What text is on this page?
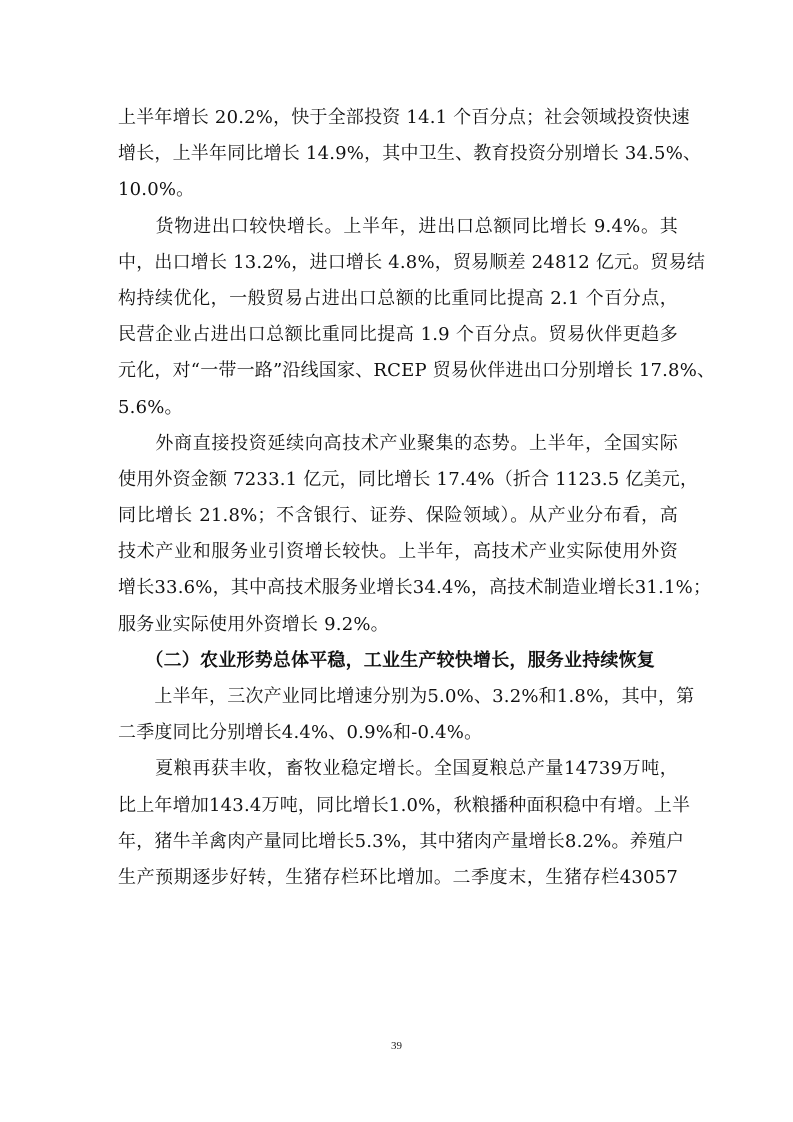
上半年增长 20.2%，快于全部投资 14.1 个百分点；社会领域投资快速
增长，上半年同比增长 14.9%，其中卫生、教育投资分别增长 34.5%、
10.0%。
　　货物进出口较快增长。上半年，进出口总额同比增长 9.4%。其
中，出口增长 13.2%，进口增长 4.8%，贸易顺差 24812 亿元。贸易结
构持续优化，一般贸易占进出口总额的比重同比提高 2.1 个百分点，
民营企业占进出口总额比重同比提高 1.9 个百分点。贸易伙伴更趋多
元化，对“一带一路”沿线国家、RCEP 贸易伙伴进出口分别增长 17.8%、
5.6%。
　　外商直接投资延续向高技术产业聚集的态势。上半年，全国实际
使用外资金额 7233.1 亿元，同比增长 17.4%（折合 1123.5 亿美元，
同比增长 21.8%；不含银行、证券、保险领域）。从产业分布看，高
技术产业和服务业引资增长较快。上半年，高技术产业实际使用外资
增长33.6%，其中高技术服务业增长34.4%，高技术制造业增长31.1%；
服务业实际使用外资增长 9.2%。
　　（二）农业形势总体平稳，工业生产较快增长，服务业持续恢复
　　上半年，三次产业同比增速分别为5.0%、3.2%和1.8%，其中，第
二季度同比分别增长4.4%、0.9%和-0.4%。
　　夏粮再获丰收，畜牧业稳定增长。全国夏粮总产量14739万吨，
比上年增加143.4万吨，同比增长1.0%，秋粮播种面积稳中有增。上半
年，猪牛羊禽肉产量同比增长5.3%，其中猪肉产量增长8.2%。养殖户
生产预期逐步好转，生猪存栏环比增加。二季度末，生猪存栏43057
39
